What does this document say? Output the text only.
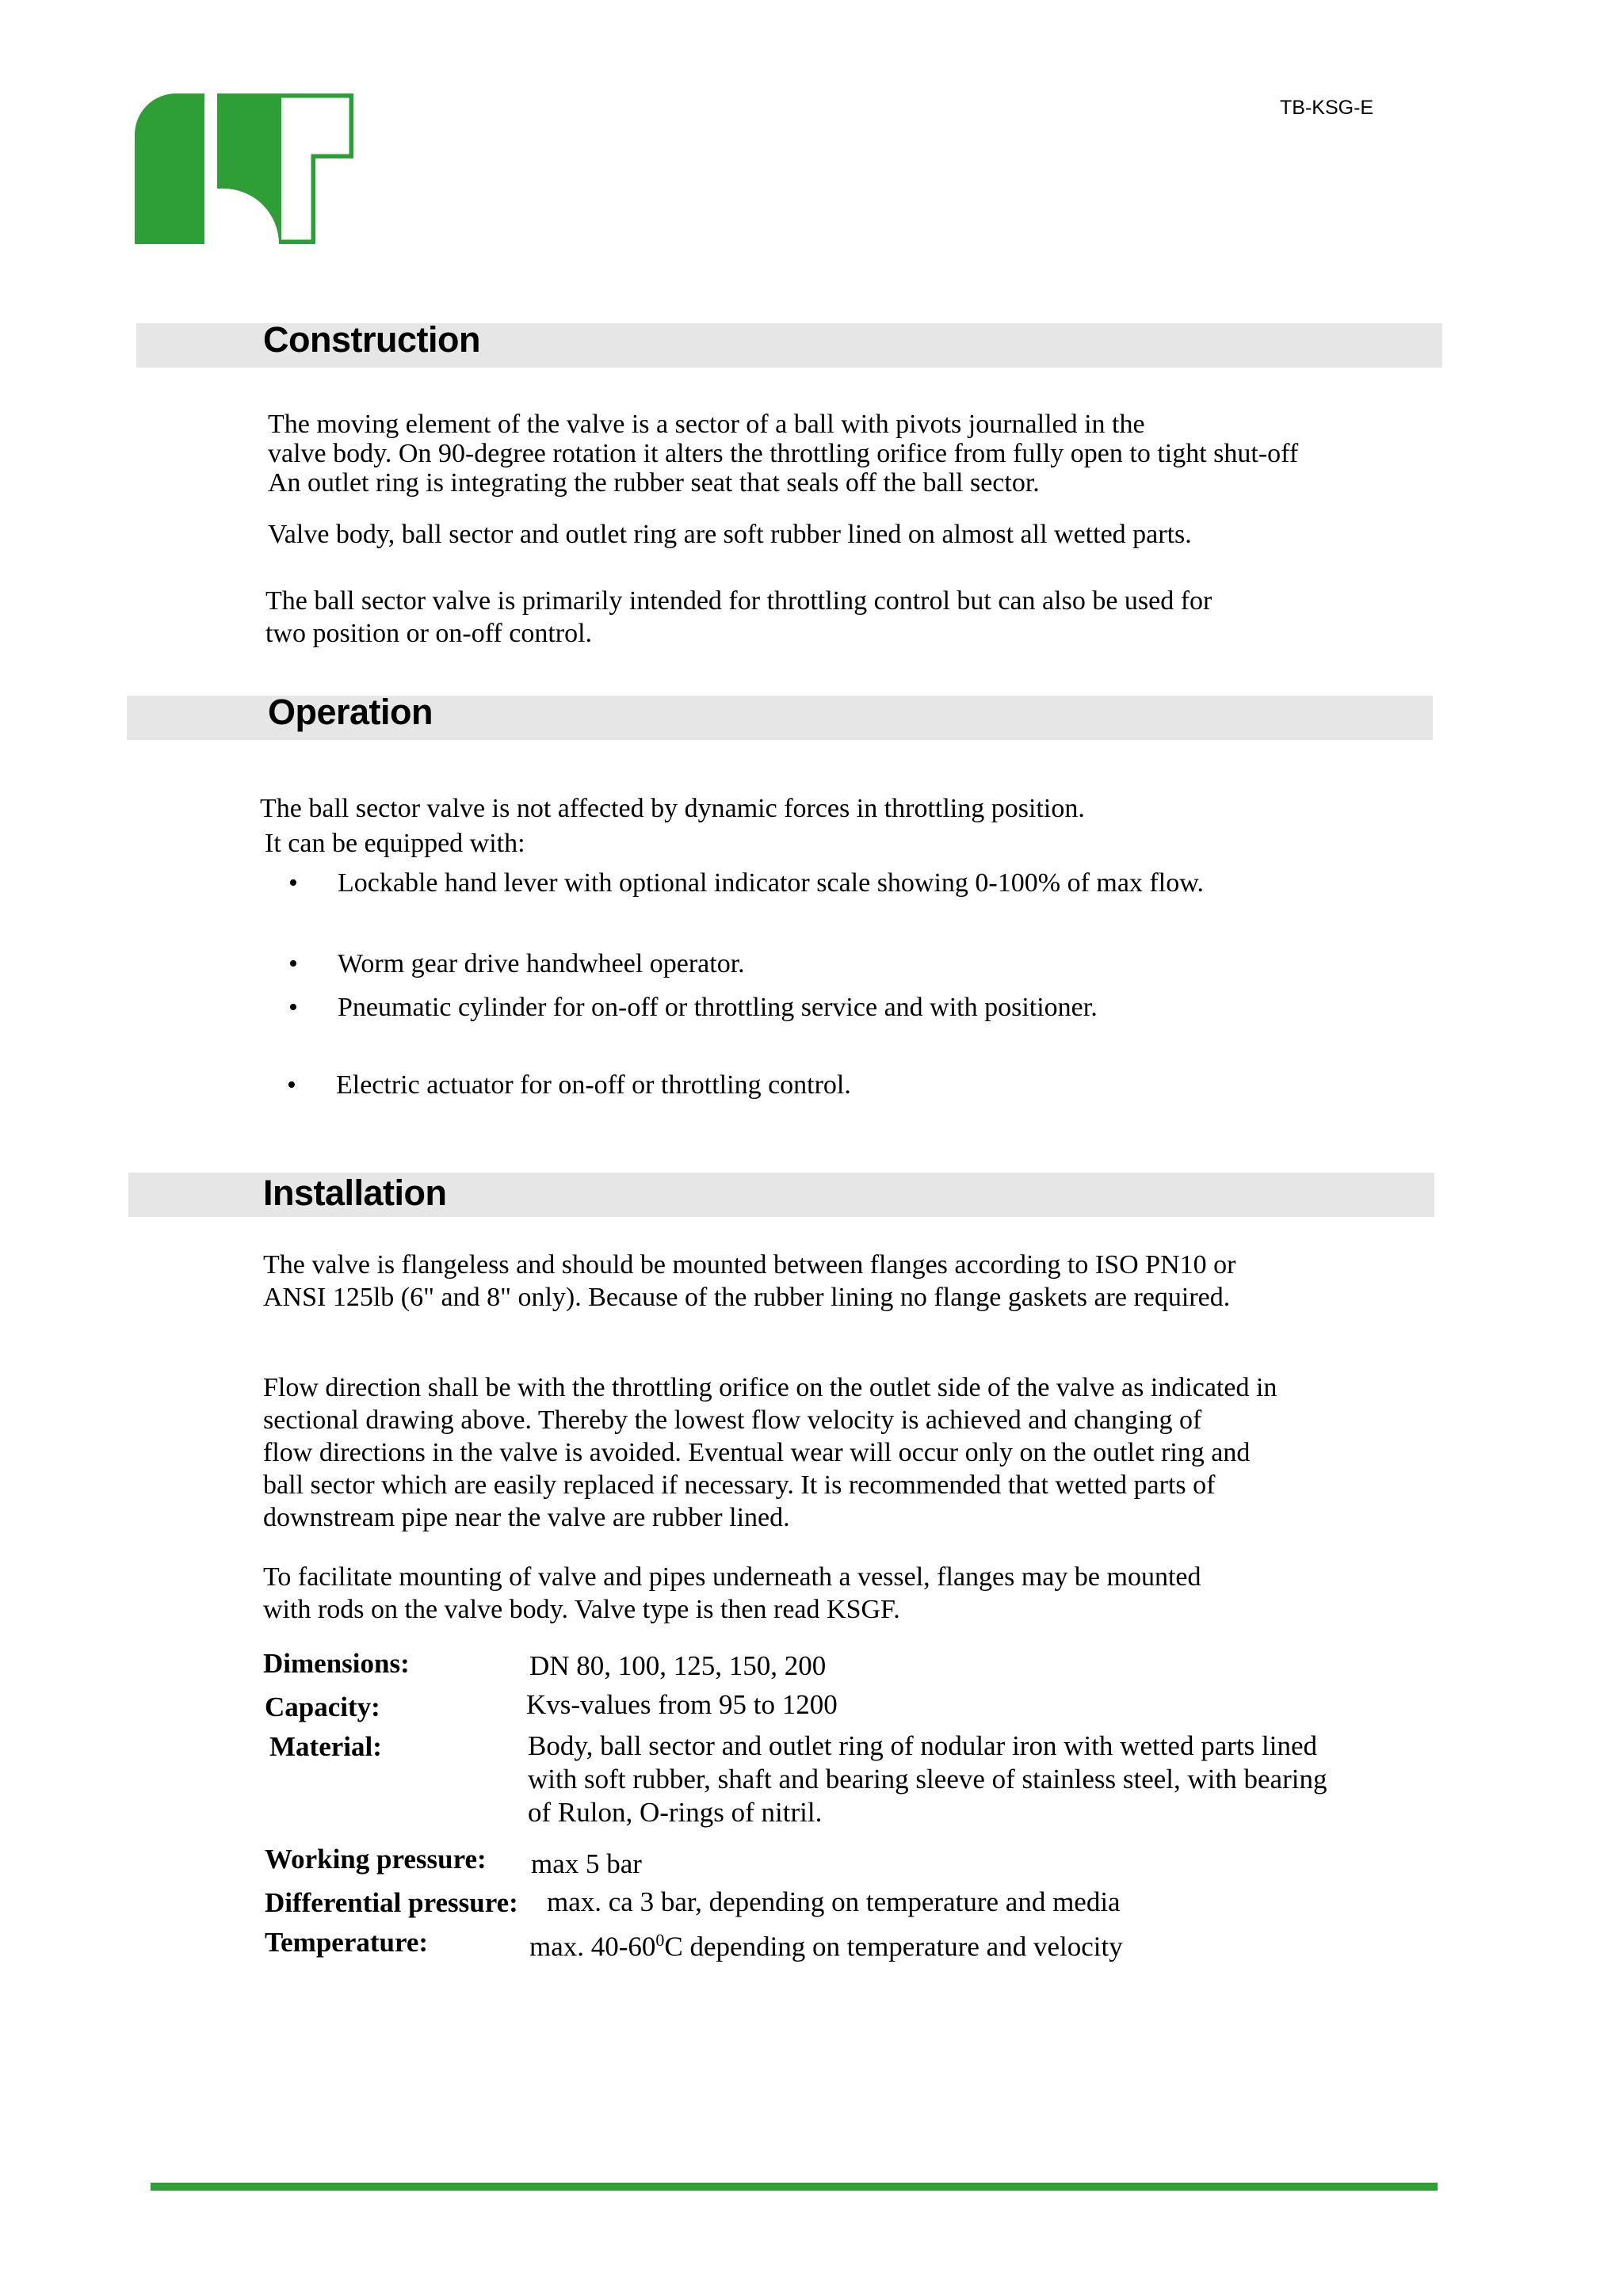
TB-KSG-E
Construction
The moving element of the valve is a sector of a ball with pivots journalled in the
valve body. On 90-degree rotation it alters the throttling orifice from fully open to tight shut-off
An outlet ring is integrating the rubber seat that seals off the ball sector.
Valve body, ball sector and outlet ring are soft rubber lined on almost all wetted parts.
The ball sector valve is primarily intended for throttling control but can also be used for
two position or on-off control.
Operation
The ball sector valve is not affected by dynamic forces in throttling position.
It can be equipped with:
• Lockable hand lever with optional indicator scale showing 0-100% of max flow.
• Worm gear drive handwheel operator.
• Pneumatic cylinder for on-off or throttling service and with positioner.
• Electric actuator for on-off or throttling control.
Installation
The valve is flangeless and should be mounted between flanges according to ISO PN10 or
ANSI 125lb (6" and 8" only). Because of the rubber lining no flange gaskets are required.
Flow direction shall be with the throttling orifice on the outlet side of the valve as indicated in
sectional drawing above. Thereby the lowest flow velocity is achieved and changing of
flow directions in the valve is avoided. Eventual wear will occur only on the outlet ring and
ball sector which are easily replaced if necessary. It is recommended that wetted parts of
downstream pipe near the valve are rubber lined.
To facilitate mounting of valve and pipes underneath a vessel, flanges may be mounted
with rods on the valve body. Valve type is then read KSGF.
Dimensions:	DN 80, 100, 125, 150, 200
Capacity:	Kvs-values from 95 to 1200
Material:	Body, ball sector and outlet ring of nodular iron with wetted parts lined
with soft rubber, shaft and bearing sleeve of stainless steel, with bearing
of Rulon, O-rings of nitril.
Working pressure: max 5 bar
Differential pressure: max. ca 3 bar, depending on temperature and media
Temperature:	max. $40-60^0C$ depending on temperature and velocity
